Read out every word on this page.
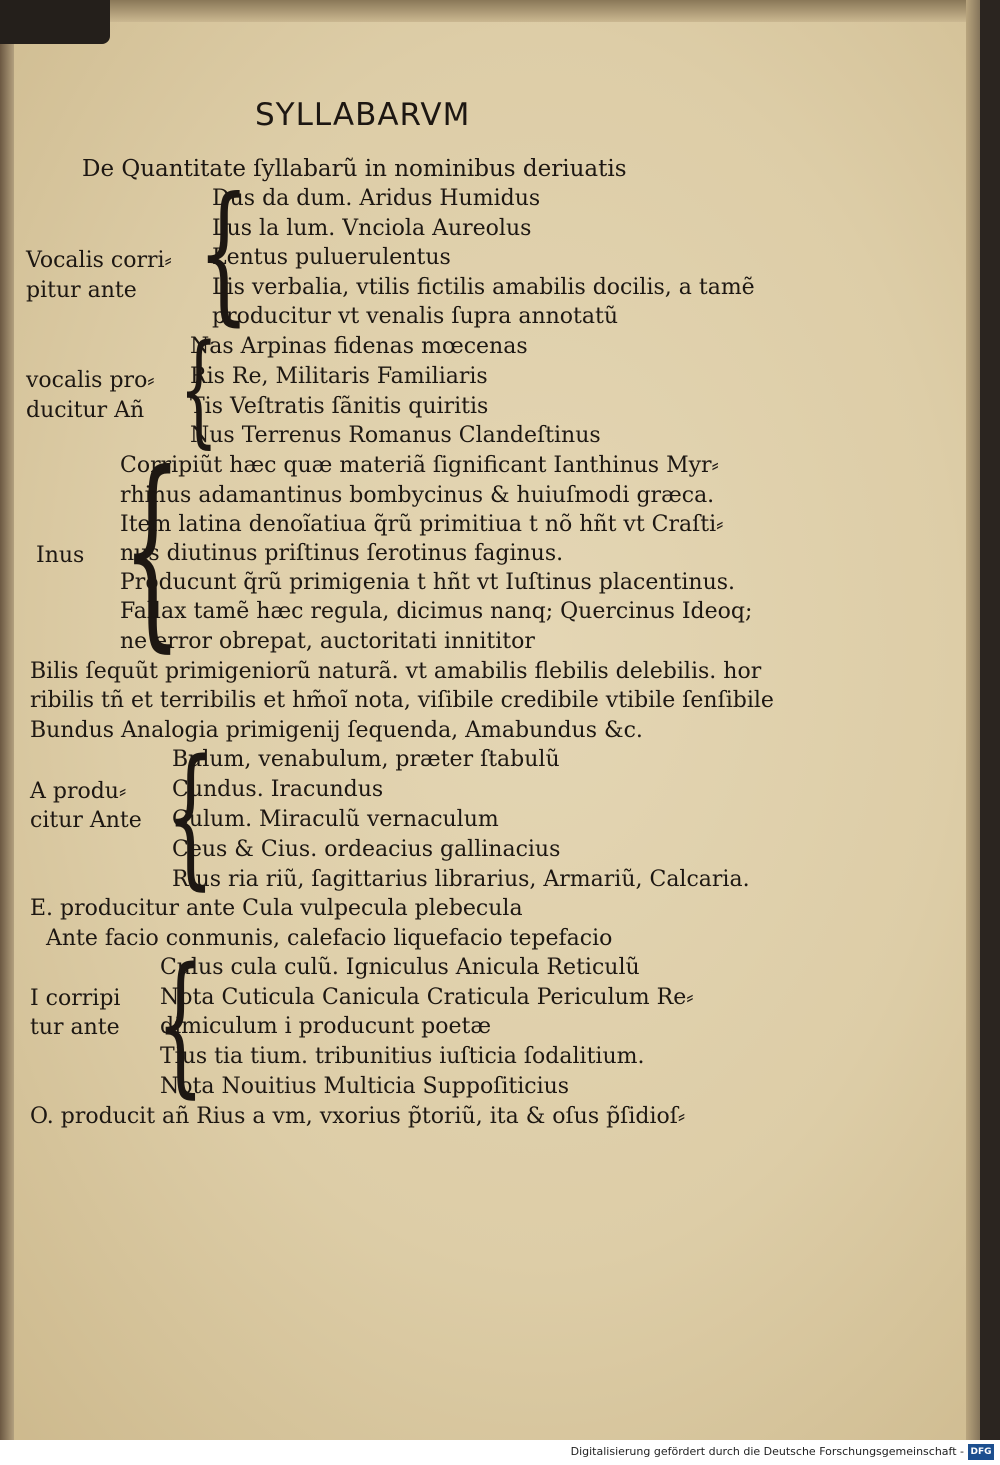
SYLLABARVM
De Quantitate ſyllabarũ in nominibus deriuatis
Vocalis corri⸗
pitur ante {
Dus da dum. Aridus Humidus
Lus la lum. Vnciola Aureolus
Lentus puluerulentus
Lis verbalia, vtilis fictilis amabilis docilis, a tamẽ
producitur vt venalis ſupra annotatũ
vocalis pro⸗
ducitur Añ {
Nas Arpinas fidenas mœcenas
Ris Re, Militaris Familiaris
Tis Veſtratis ſãnitis quiritis
Nus Terrenus Romanus Clandeſtinus
Inus {
Corripiũt hæc quæ materiã ſignificant Ianthinus Myr⸗
rhinus adamantinus bombycinus & huiuſmodi græca.
Item latina denoĩatiua q̃rũ primitiua t nõ hñt vt Craſti⸗
nus diutinus priſtinus ſerotinus faginus.
Producunt q̃rũ primigenia t hñt vt Iuſtinus placentinus.
Fallax tamẽ hæc regula, dicimus nanq; Quercinus Ideoq;
ne error obrepat, auctoritati innititor
Bilis ſequũt primigeniorũ naturã. vt amabilis flebilis delebilis. hor
ribilis tñ et terribilis et hm̃oĩ nota, viſibile credibile vtibile ſenſibile
Bundus Analogia primigenij ſequenda, Amabundus &c.
A produ⸗
citur Ante {
Bulum, venabulum, præter ſtabulũ
Cundus. Iracundus
Culum. Miraculũ vernaculum
Ceus & Cius. ordeacius gallinacius
Rius ria riũ, ſagittarius librarius, Armariũ, Calcaria.
E. producitur ante Cula vulpecula plebecula
Ante facio conmunis, calefacio liquefacio tepefacio
I corripi
tur ante {
Culus cula culũ. Igniculus Anicula Reticulũ
Nota Cuticula Canicula Craticula Periculum Re⸗
dimiculum i producunt poetæ
Tius tia tium. tribunitius iuſticia ſodalitium.
Nota Nouitius Multicia Suppoſiticius
O. producit añ Rius a vm, vxorius p̃toriũ, ita & oſus p̃ſidioſ⸗
Digitalisierung gefördert durch die Deutsche Forschungsgemeinschaft - DFG
